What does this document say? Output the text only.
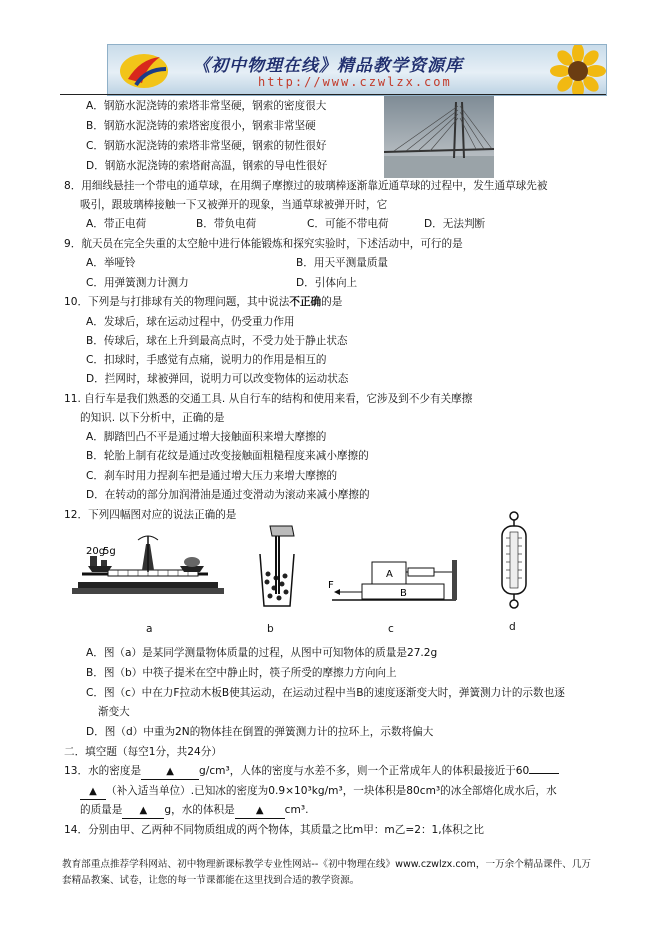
《初中物理在线》精品教学资源库
http://www.czwlzx.com
A．钢筋水泥浇铸的索塔非常坚硬，钢索的密度很大
B．钢筋水泥浇铸的索塔密度很小，钢索非常坚硬
C．钢筋水泥浇铸的索塔非常坚硬，钢索的韧性很好
D．钢筋水泥浇铸的索塔耐高温，钢索的导电性很好
8．用细线悬挂一个带电的通草球，在用绸子摩擦过的玻璃棒逐渐靠近通草球的过程中，发生通草球先被
吸引，跟玻璃棒接触一下又被弹开的现象，当通草球被弹开时，它
A．带正电荷	B．带负电荷	C．可能不带电荷	D．无法判断
9．航天员在完全失重的太空舱中进行体能锻炼和探究实验时，下述活动中，可行的是
A．举哑铃	B．用天平测量质量
C．用弹簧测力计测力	D．引体向上
10．下列是与打排球有关的物理问题，其中说法不正确的是
A．发球后，球在运动过程中，仍受重力作用
B．传球后，球在上升到最高点时，不受力处于静止状态
C．扣球时，手感觉有点痛，说明力的作用是相互的
D．拦网时，球被弹回，说明力可以改变物体的运动状态
11. 自行车是我们熟悉的交通工具. 从自行车的结构和使用来看，它涉及到不少有关摩擦
的知识. 以下分析中，正确的是
A．脚踏凹凸不平是通过增大接触面积来增大摩擦的
B．轮胎上制有花纹是通过改变接触面粗糙程度来减小摩擦的
C．刹车时用力捏刹车把是通过增大压力来增大摩擦的
D．在转动的部分加润滑油是通过变滑动为滚动来减小摩擦的
12．下列四幅图对应的说法正确的是
20g
5g
B
A
F
a	b	c	d
A．图（a）是某同学测量物体质量的过程，从图中可知物体的质量是27.2g
B．图（b）中筷子提米在空中静止时，筷子所受的摩擦力方向向上
C．图（c）中在力F拉动木板B使其运动，在运动过程中当B的速度逐渐变大时，弹簧测力计的示数也逐
渐变大
D．图（d）中重为2N的物体挂在倒置的弹簧测力计的拉环上，示数将偏大
二．填空题（每空1分，共24分）
13．水的密度是	▲ g/cm³，人体的密度与水差不多，则一个正常成年人的体积最接近于60
▲ （补入适当单位）.已知冰的密度为0.9×10³kg/m³，一块体积是80cm³的冰全部熔化成水后，水
的质量是 ▲ g，水的体积是 ▲ cm³.
14．分别由甲、乙两种不同物质组成的两个物体，其质量之比m甲：m乙=2：1,体积之比
教育部重点推荐学科网站、初中物理新课标教学专业性网站--《初中物理在线》www.czwlzx.com，一万余个精品课件、几万
套精品教案、试卷，让您的每一节课都能在这里找到合适的教学资源。
